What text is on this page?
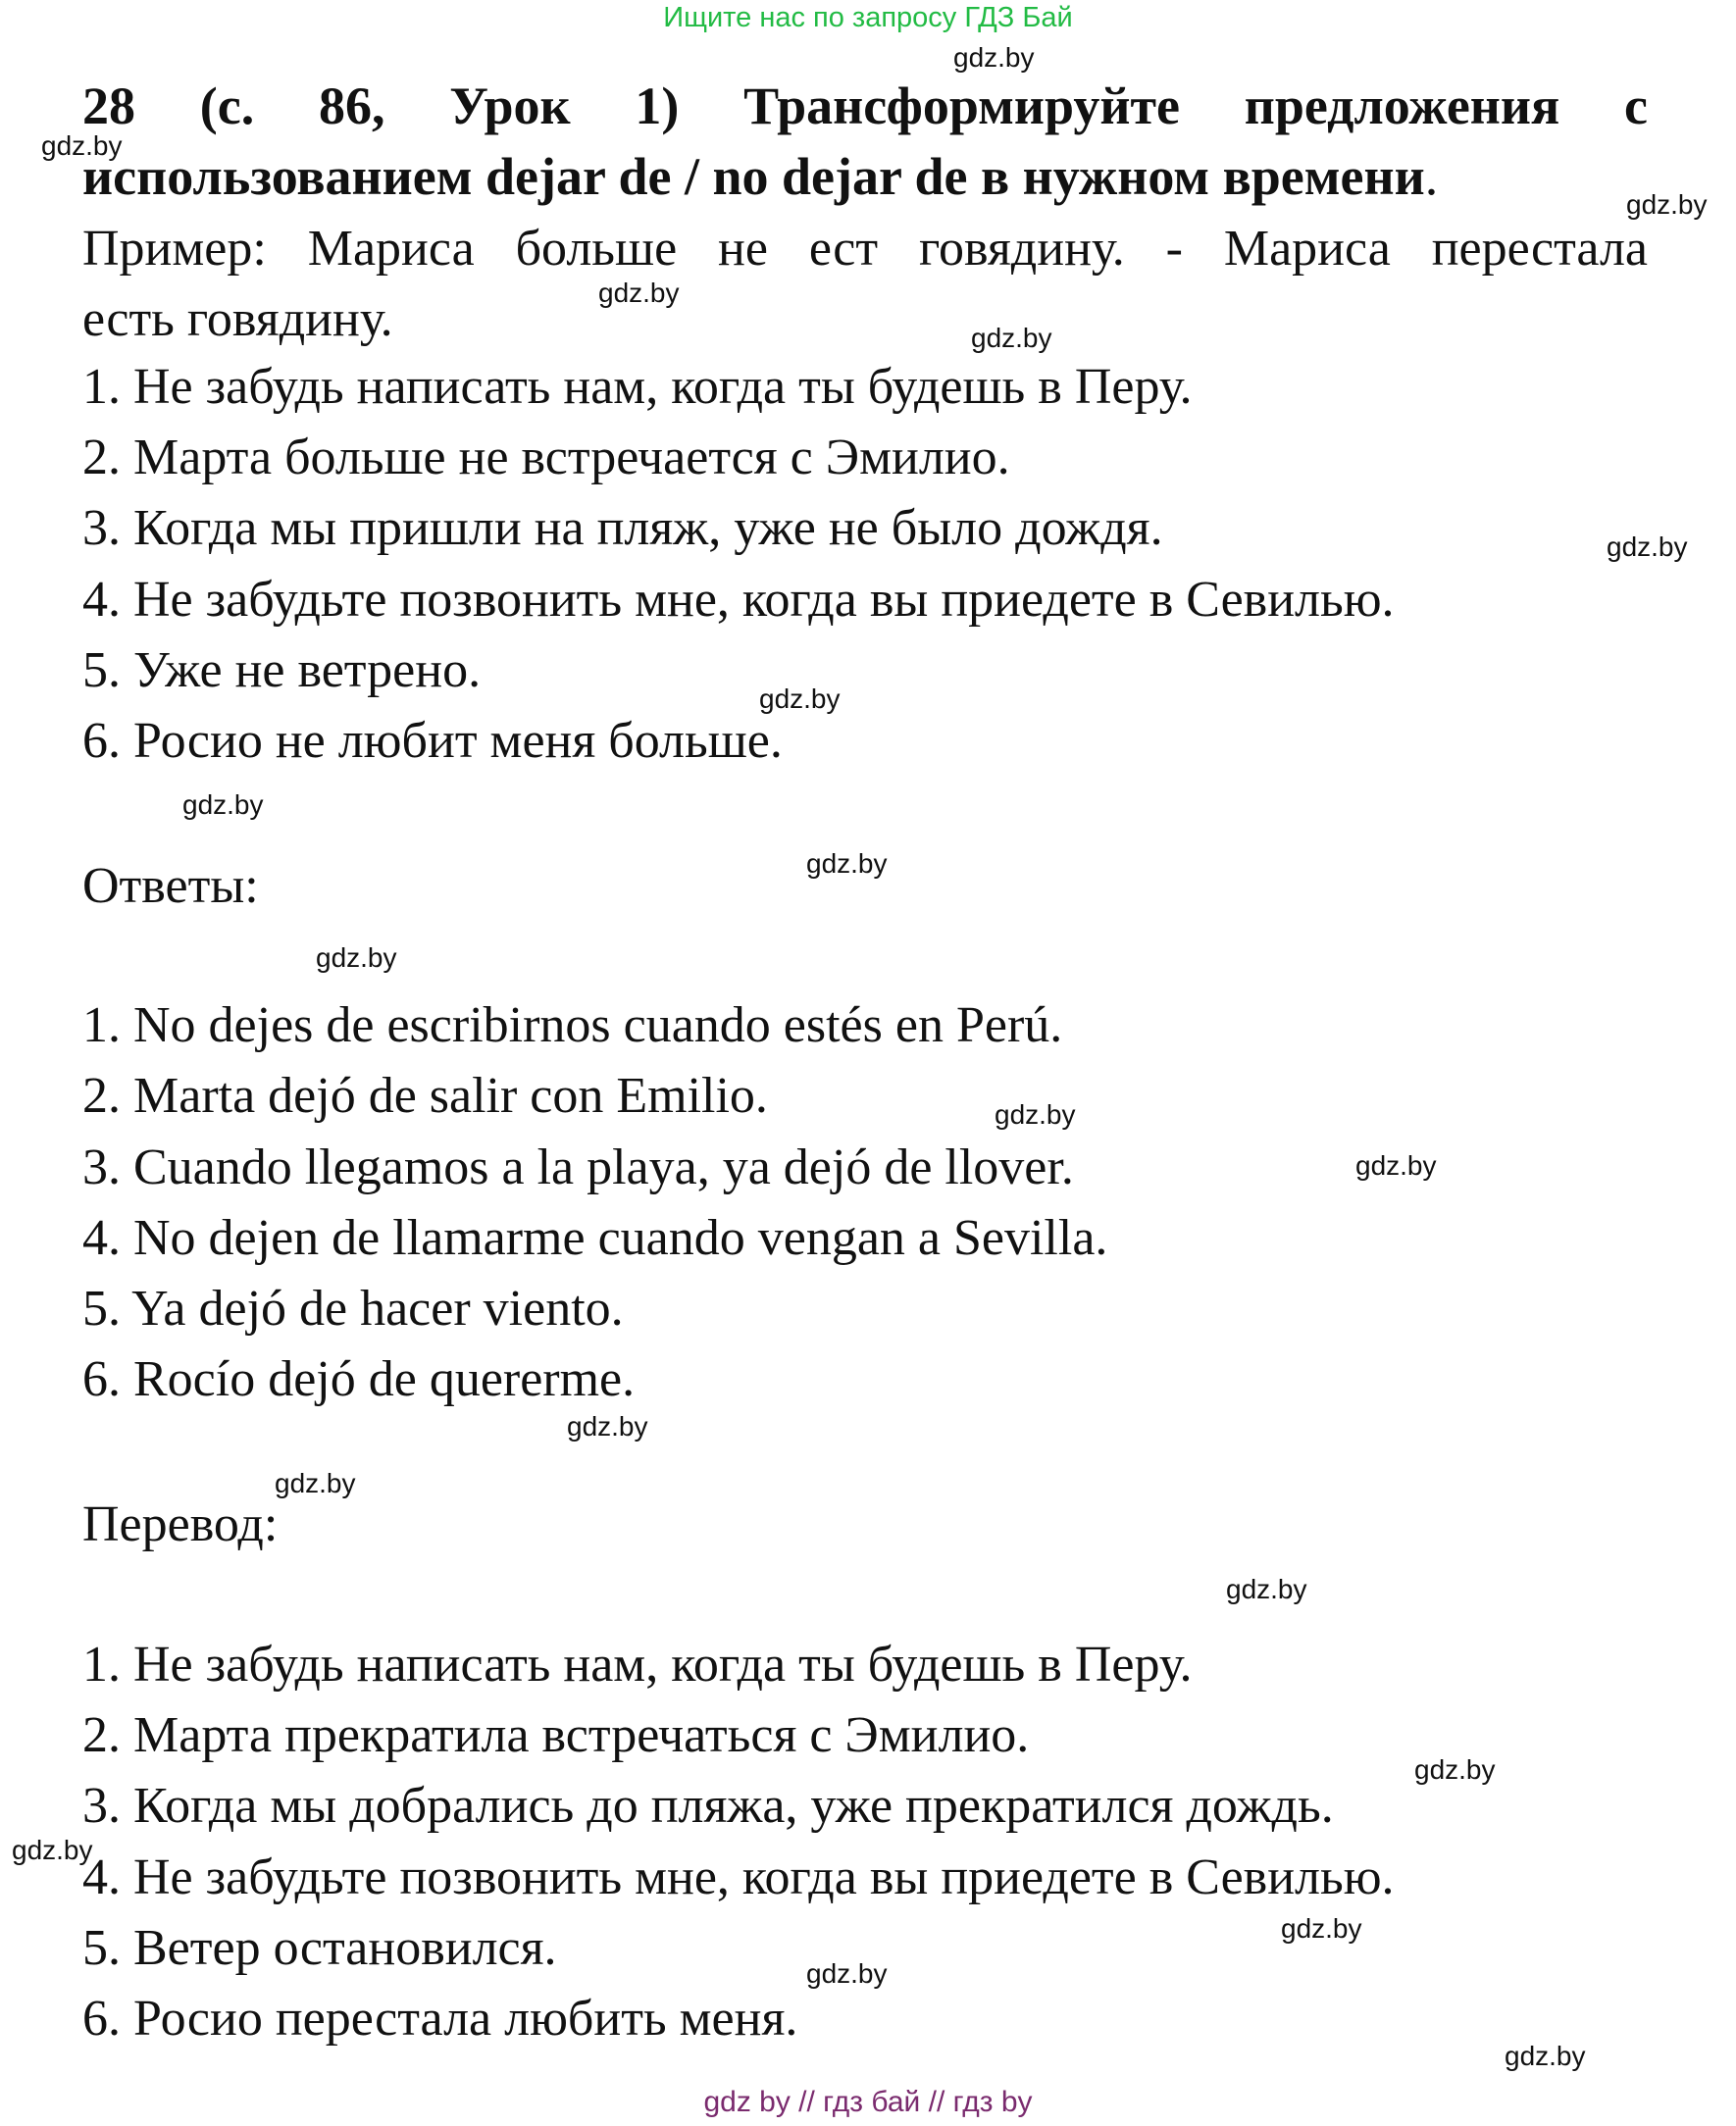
Ищите нас по запросу ГДЗ Бай
28 (с. 86, Урок 1) Трансформируйте предложения с
использованием dejar de / no dejar de в нужном времени.
Пример: Мариса больше не ест говядину. - Мариса перестала
есть говядину.
1. Не забудь написать нам, когда ты будешь в Перу.
2. Марта больше не встречается с Эмилио.
3. Когда мы пришли на пляж, уже не было дождя.
4. Не забудьте позвонить мне, когда вы приедете в Севилью.
5. Уже не ветрено.
6. Росио не любит меня больше.
Ответы:
1. No dejes de escribirnos cuando estés en Perú.
2. Marta dejó de salir con Emilio.
3. Cuando llegamos a la playa, ya dejó de llover.
4. No dejen de llamarme cuando vengan a Sevilla.
5. Ya dejó de hacer viento.
6. Rocío dejó de quererme.
Перевод:
1. Не забудь написать нам, когда ты будешь в Перу.
2. Марта прекратила встречаться с Эмилио.
3. Когда мы добрались до пляжа, уже прекратился дождь.
4. Не забудьте позвонить мне, когда вы приедете в Севилью.
5. Ветер остановился.
6. Росио перестала любить меня.
gdz.by
gdz.by
gdz.by
gdz.by
gdz.by
gdz.by
gdz.by
gdz.by
gdz.by
gdz.by
gdz.by
gdz.by
gdz.by
gdz.by
gdz.by
gdz.by
gdz.by
gdz.by
gdz.by
gdz.by
gdz by // гдз бай // гдз by
